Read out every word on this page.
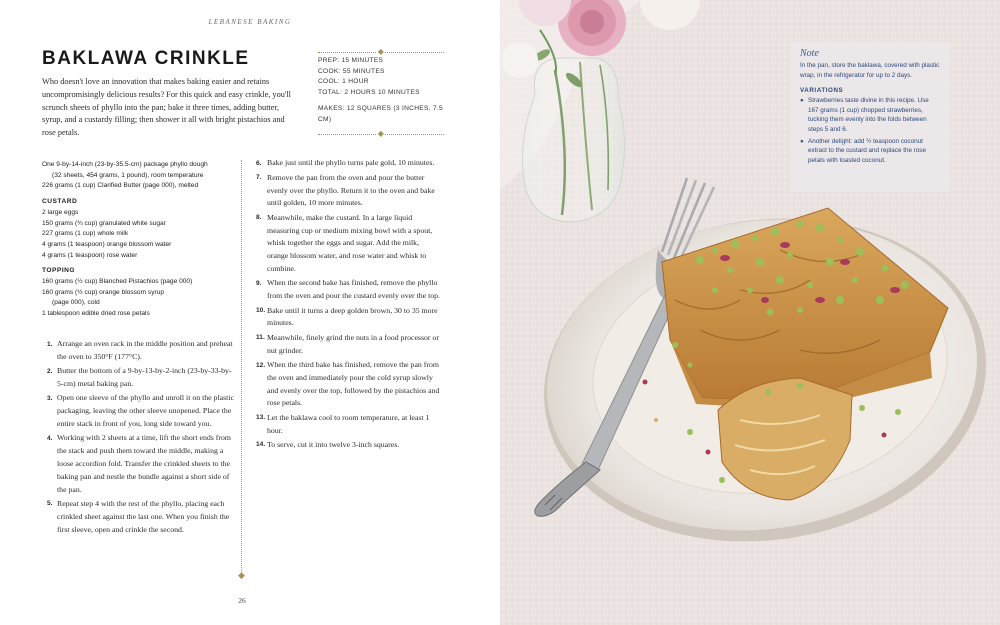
LEBANESE BAKING
BAKLAWA CRINKLE
Who doesn't love an innovation that makes baking easier and retains uncompromisingly delicious results? For this quick and easy crinkle, you'll scrunch sheets of phyllo into the pan; bake it three times, adding butter, syrup, and a custardy filling; then shower it all with bright pistachios and rose petals.
◆
PREP: 15 MINUTES
COOK: 55 MINUTES
COOL: 1 HOUR
TOTAL: 2 HOURS 10 MINUTES
MAKES: 12 SQUARES (3 INCHES, 7.5 CM)
◆
One 9-by-14-inch (23-by-35.5-cm) package phyllo dough
(32 sheets, 454 grams, 1 pound), room temperature
226 grams (1 cup) Clarified Butter (page 000), melted
CUSTARD
2 large eggs
150 grams (¾ cup) granulated white sugar
227 grams (1 cup) whole milk
4 grams (1 teaspoon) orange blossom water
4 grams (1 teaspoon) rose water
TOPPING
160 grams (½ cup) Blanched Pistachios (page 000)
160 grams (½ cup) orange blossom syrup
(page 000), cold
1 tablespoon edible dried rose petals
1. Arrange an oven rack in the middle position and preheat the oven to 350°F (177°C).
2. Butter the bottom of a 9-by-13-by-2-inch (23-by-33-by-5-cm) metal baking pan.
3. Open one sleeve of the phyllo and unroll it on the plastic packaging, leaving the other sleeve unopened. Place the entire stack in front of you, long side toward you.
4. Working with 2 sheets at a time, lift the short ends from the stack and push them toward the middle, making a loose accordion fold. Transfer the crinkled sheets to the baking pan and nestle the bundle against a short side of the pan.
5. Repeat step 4 with the rest of the phyllo, placing each crinkled sheet against the last one. When you finish the first sleeve, open and crinkle the second.
◆
6. Bake just until the phyllo turns pale gold, 10 minutes.
7. Remove the pan from the oven and pour the butter evenly over the phyllo. Return it to the oven and bake until golden, 10 more minutes.
8. Meanwhile, make the custard. In a large liquid measuring cup or medium mixing bowl with a spout, whisk together the eggs and sugar. Add the milk, orange blossom water, and rose water and whisk to combine.
9. When the second bake has finished, remove the phyllo from the oven and pour the custard evenly over the top.
10. Bake until it turns a deep golden brown, 30 to 35 more minutes.
11. Meanwhile, finely grind the nuts in a food processor or nut grinder.
12. When the third bake has finished, remove the pan from the oven and immediately pour the cold syrup slowly and evenly over the top, followed by the pistachios and rose petals.
13. Let the baklawa cool to room temperature, at least 1 hour.
14. To serve, cut it into twelve 3-inch squares.
26
Note
In the pan, store the baklawa, covered with plastic wrap, in the refrigerator for up to 2 days.
VARIATIONS
● Strawberries taste divine in this recipe. Use 167 grams (1 cup) chopped strawberries, tucking them evenly into the folds between steps 5 and 6.
● Another delight: add ½ teaspoon coconut extract to the custard and replace the rose petals with toasted coconut.
